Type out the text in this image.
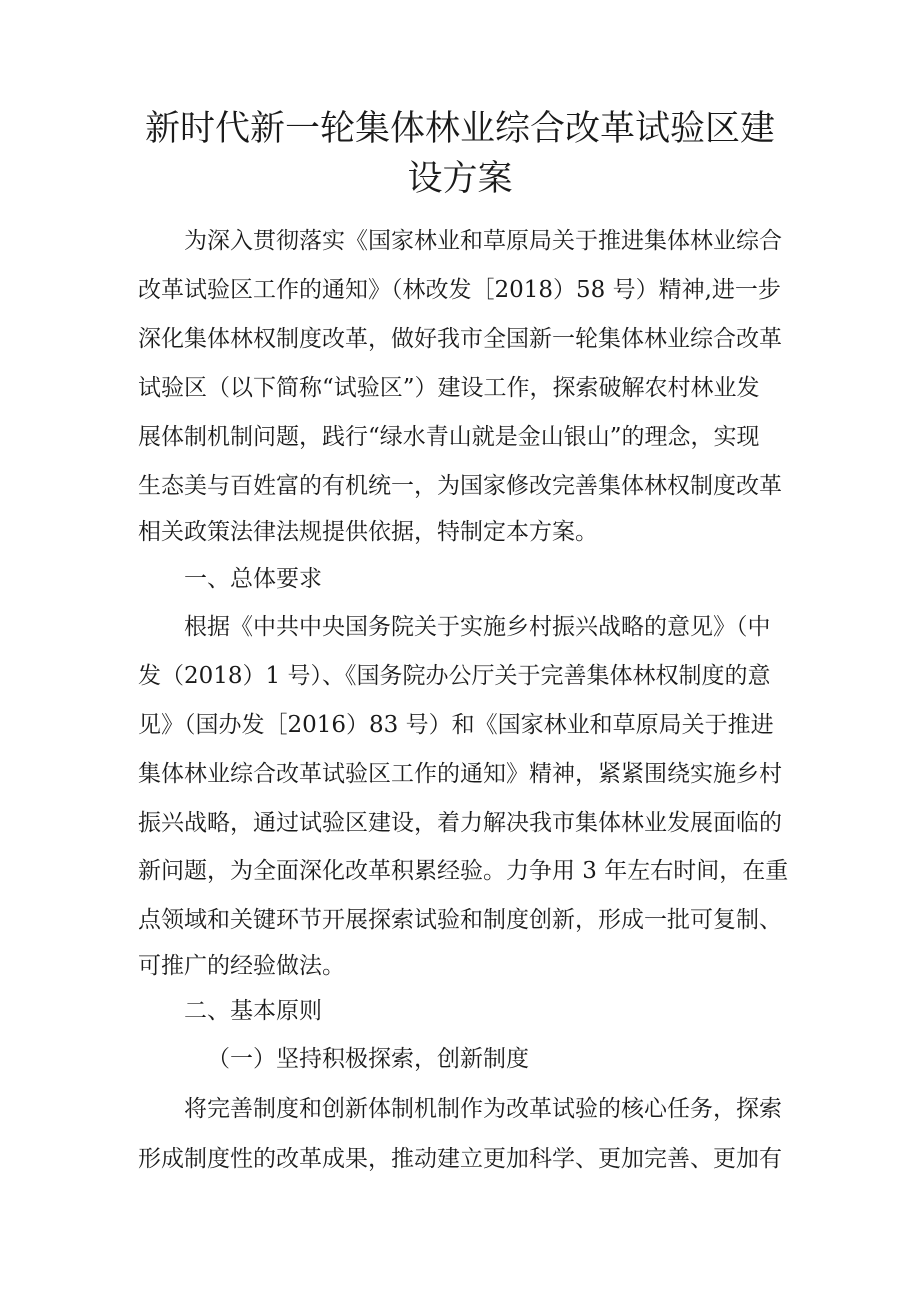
新时代新一轮集体林业综合改革试验区建
设方案

为深入贯彻落实《国家林业和草原局关于推进集体林业综合

改革试验区工作的通知》（林改发［2018）58 号）精神,进一步

深化集体林权制度改革，做好我市全国新一轮集体林业综合改革

试验区（以下简称“试验区”）建设工作，探索破解农村林业发

展体制机制问题，践行“绿水青山就是金山银山”的理念，实现

生态美与百姓富的有机统一，为国家修改完善集体林权制度改革

相关政策法律法规提供依据，特制定本方案。

一、总体要求

根据《中共中央国务院关于实施乡村振兴战略的意见》（中

发（2018）1 号）、《国务院办公厅关于完善集体林权制度的意

见》（国办发［2016）83 号）和《国家林业和草原局关于推进

集体林业综合改革试验区工作的通知》精神，紧紧围绕实施乡村

振兴战略，通过试验区建设，着力解决我市集体林业发展面临的

新问题，为全面深化改革积累经验。力争用 3 年左右时间，在重

点领域和关键环节开展探索试验和制度创新，形成一批可复制、

可推广的经验做法。

二、基本原则

（一）坚持积极探索，创新制度

将完善制度和创新体制机制作为改革试验的核心任务，探索

形成制度性的改革成果，推动建立更加科学、更加完善、更加有
